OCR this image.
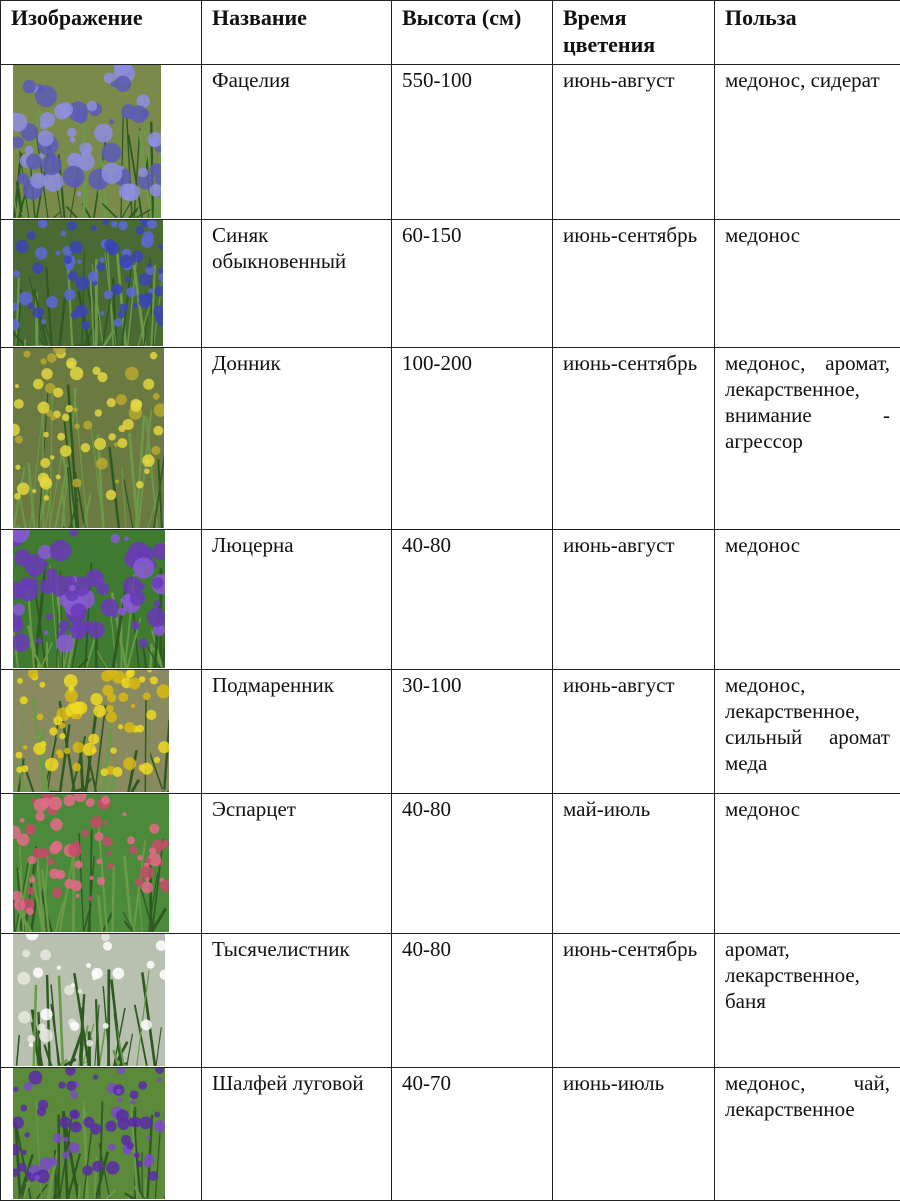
Изображение	Название	Высота (см)	Время цветения	Польза

	Фацелия	550-100	июнь-август	медонос, сидерат

	Синяк обыкновенный	60-150	июнь-сентябрь	медонос

	Донник	100-200	июнь-сентябрь	медонос, аромат, лекарственное, внимание - агрессор

	Люцерна	40-80	июнь-август	медонос

	Подмаренник	30-100	июнь-август	медонос, лекарственное, сильный аромат меда

	Эспарцет	40-80	май-июль	медонос

	Тысячелистник	40-80	июнь-сентябрь	аромат, лекарственное, баня

	Шалфей луговой	40-70	июнь-июль	медонос, чай, лекарственное
